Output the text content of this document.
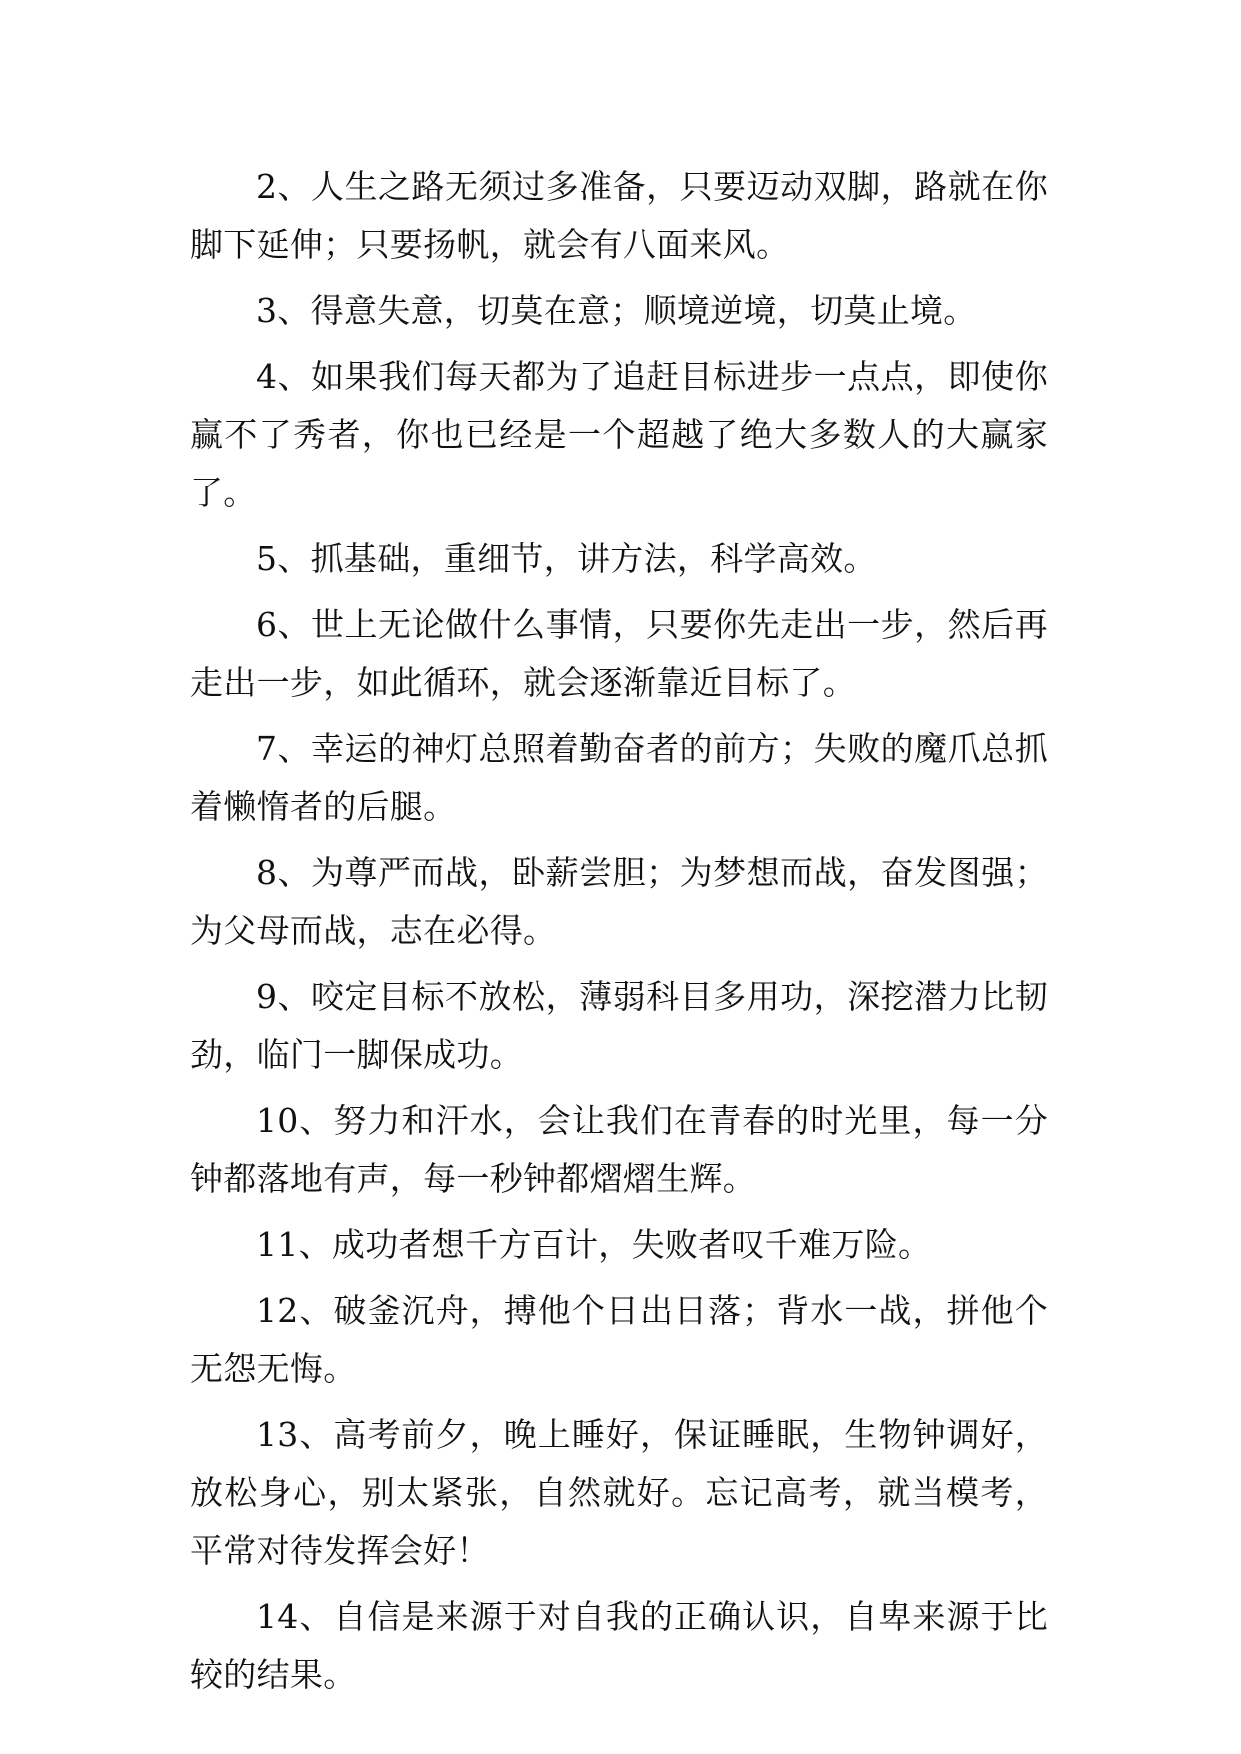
2、人生之路无须过多准备，只要迈动双脚，路就在你脚下延伸；只要扬帆，就会有八面来风。

3、得意失意，切莫在意；顺境逆境，切莫止境。

4、如果我们每天都为了追赶目标进步一点点，即使你赢不了秀者，你也已经是一个超越了绝大多数人的大赢家了。

5、抓基础，重细节，讲方法，科学高效。

6、世上无论做什么事情，只要你先走出一步，然后再走出一步，如此循环，就会逐渐靠近目标了。

7、幸运的神灯总照着勤奋者的前方；失败的魔爪总抓着懒惰者的后腿。

8、为尊严而战，卧薪尝胆；为梦想而战，奋发图强；为父母而战，志在必得。

9、咬定目标不放松，薄弱科目多用功，深挖潜力比韧劲，临门一脚保成功。

10、努力和汗水，会让我们在青春的时光里，每一分钟都落地有声，每一秒钟都熠熠生辉。

11、成功者想千方百计，失败者叹千难万险。

12、破釜沉舟，搏他个日出日落；背水一战，拼他个无怨无悔。

13、高考前夕，晚上睡好，保证睡眠，生物钟调好，放松身心，别太紧张，自然就好。忘记高考，就当模考，平常对待发挥会好！

14、自信是来源于对自我的正确认识，自卑来源于比较的结果。
